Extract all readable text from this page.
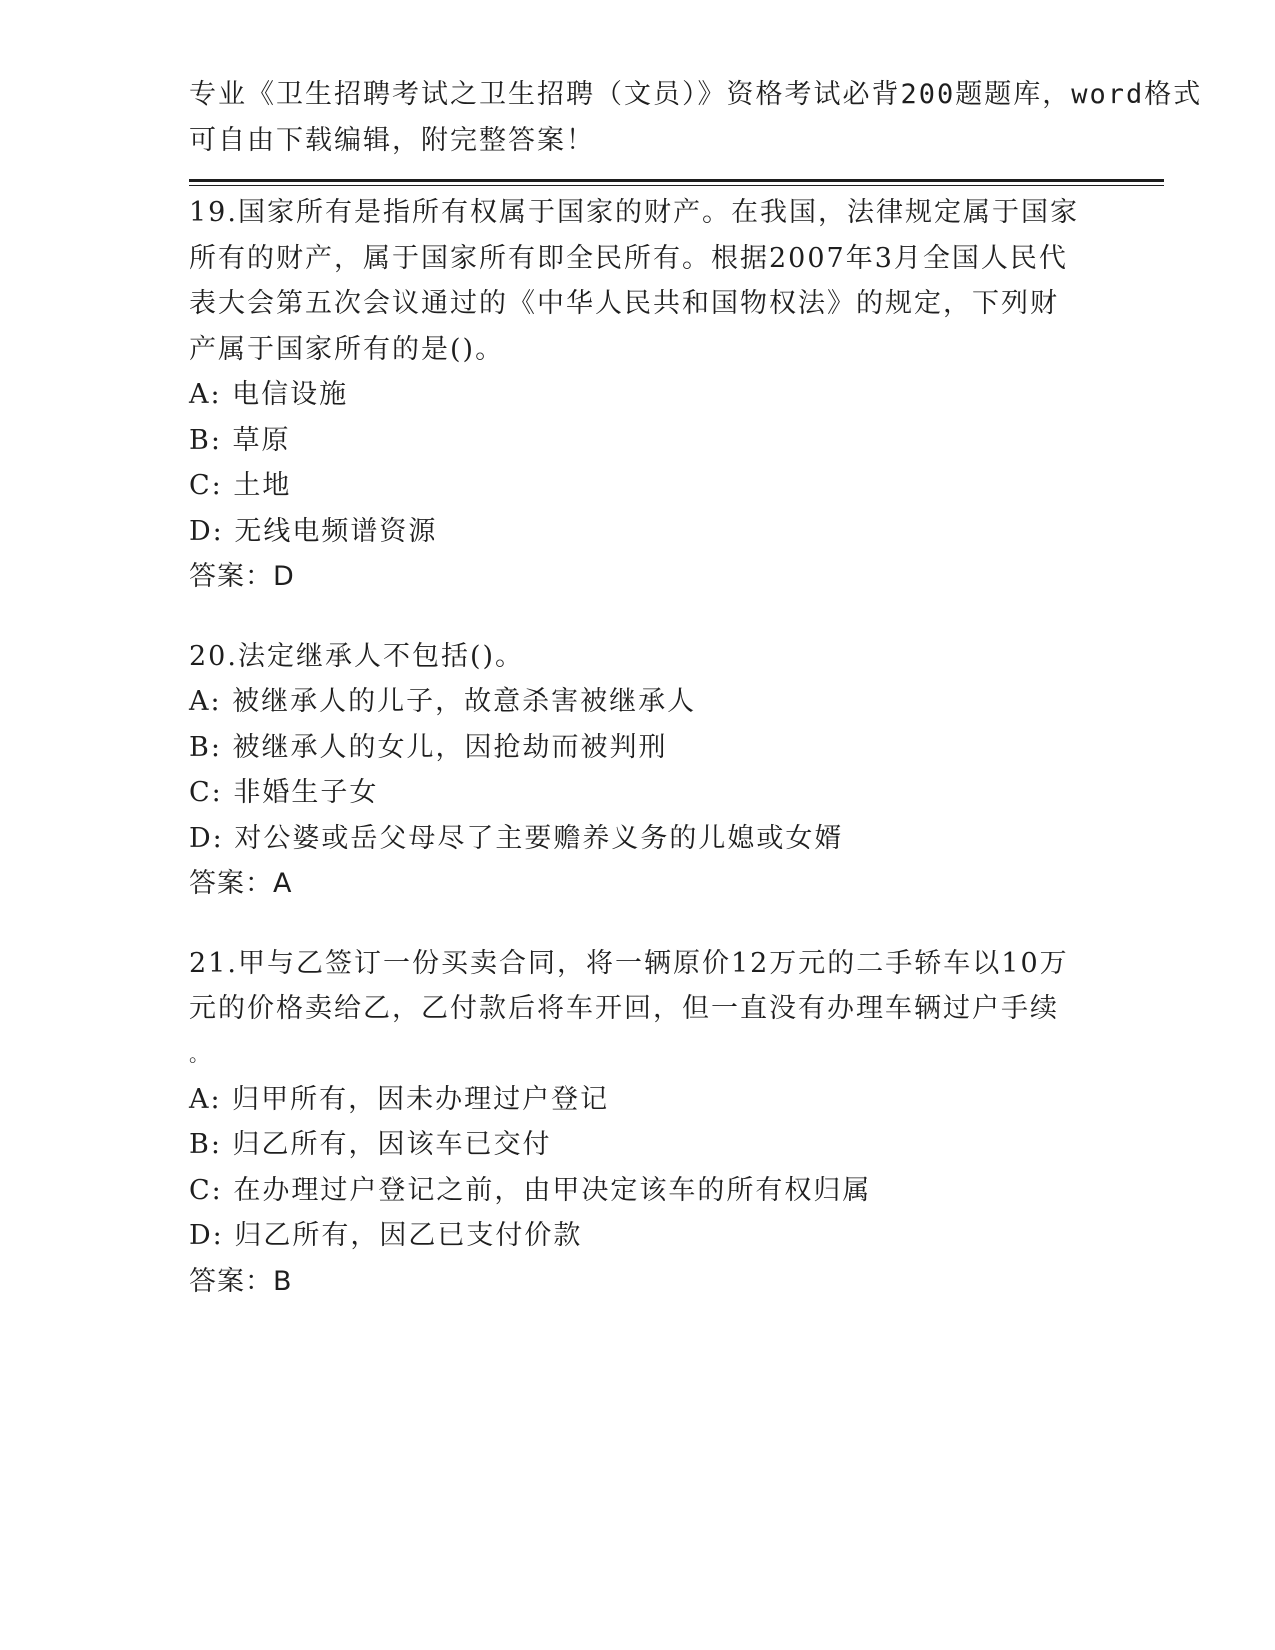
专业《卫生招聘考试之卫生招聘（文员）》资格考试必背200题题库，word格式
可自由下载编辑，附完整答案！
19.国家所有是指所有权属于国家的财产。在我国，法律规定属于国家
所有的财产，属于国家所有即全民所有。根据2007年3月全国人民代
表大会第五次会议通过的《中华人民共和国物权法》的规定，下列财
产属于国家所有的是()。
A: 电信设施
B: 草原
C: 土地
D: 无线电频谱资源
答案：D
20.法定继承人不包括()。
A: 被继承人的儿子，故意杀害被继承人
B: 被继承人的女儿，因抢劫而被判刑
C: 非婚生子女
D: 对公婆或岳父母尽了主要赡养义务的儿媳或女婿
答案：A
21.甲与乙签订一份买卖合同，将一辆原价12万元的二手轿车以10万
元的价格卖给乙，乙付款后将车开回，但一直没有办理车辆过户手续
。
A: 归甲所有，因未办理过户登记
B: 归乙所有，因该车已交付
C: 在办理过户登记之前，由甲决定该车的所有权归属
D: 归乙所有，因乙已支付价款
答案：B
